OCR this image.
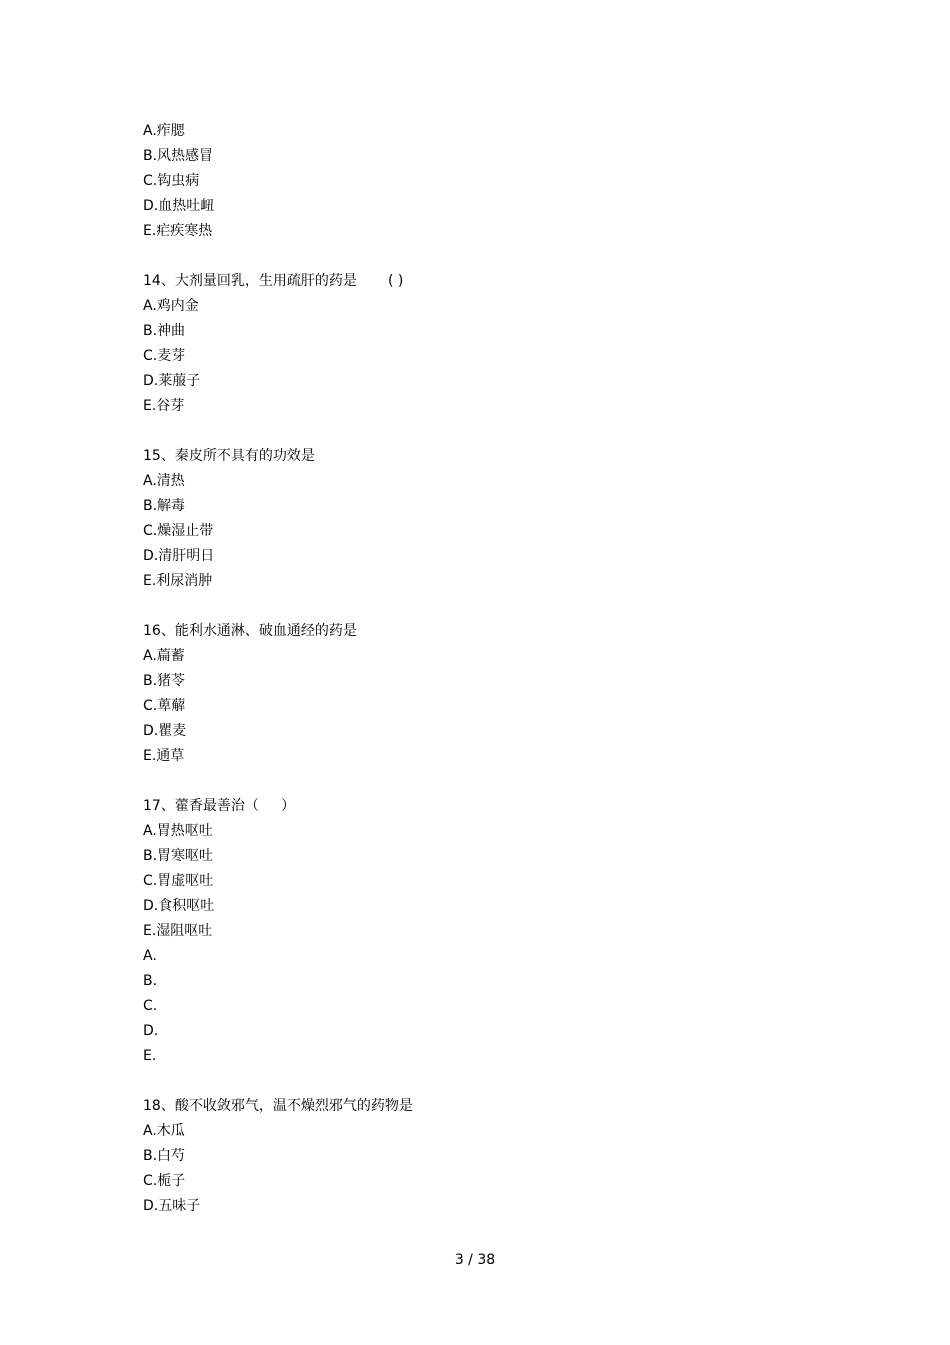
A.痄腮
B.风热感冒
C.钩虫病
D.血热吐衄
E.疟疾寒热
14、大剂量回乳，生用疏肝的药是       ( )
A.鸡内金
B.神曲
C.麦芽
D.莱菔子
E.谷芽
15、秦皮所不具有的功效是
A.清热
B.解毒
C.燥湿止带
D.清肝明日
E.利尿消肿
16、能利水通淋、破血通经的药是
A.萹蓄
B.猪苓
C.萆薢
D.瞿麦
E.通草
17、藿香最善治（     ）
A.胃热呕吐
B.胃寒呕吐
C.胃虚呕吐
D.食积呕吐
E.湿阻呕吐
A.
B.
C.
D.
E.
18、酸不收敛邪气，温不燥烈邪气的药物是
A.木瓜
B.白芍
C.栀子
D.五味子
3 / 38
